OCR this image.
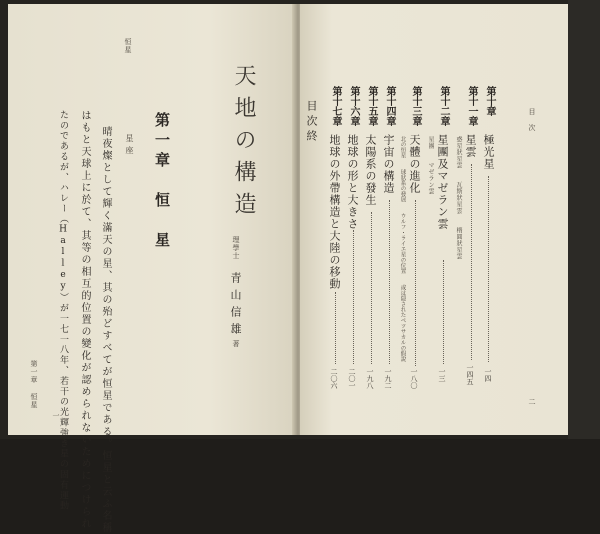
恒星
天地の構造
理學士
青山信雄
著
第一章　恒　星
星座
晴夜燦として輝く滿天の星、其の殆どすべてが恒星である。恒星と云ふ名稱
はもと天球上に於て、其等の相互的位置の變化が認められないためにつけられ
たのであるが、ハレー（Halley）が一七一八年、若干の光輝強き星の固有運動
第一章 恒星
一
目　次
二
第十章
極光星
一四
第十一章
星雲
一四五
惑星狀星雲　　瓦斯狀星雲　　楕圓狀星雲
第十二章
星團及マゼラン雲
一三
星團　　マゼラン雲
第十三章
天體の進化
一八〇
北の恒星　　球狀系の發展　　ウルフ・ライエ星の位置　　或は隠されたペツサカルの假說
第十四章
宇宙の構造
一九二
第十五章
太陽系の發生
一九八
第十六章
地球の形と大きさ
二〇一
第十七章
地球の外帶構造と大陸の移動
二〇六
目次終
